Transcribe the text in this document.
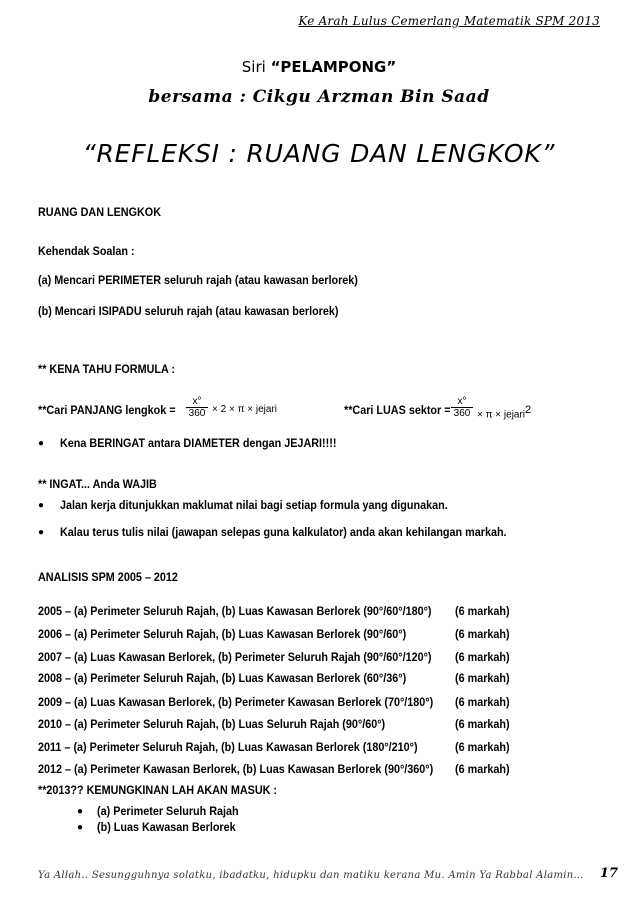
Ke Arah Lulus Cemerlang Matematik SPM 2013
Siri “PELAMPONG”
bersama : Cikgu Arzman Bin Saad
“REFLEKSI : RUANG DAN LENGKOK”
RUANG DAN LENGKOK
Kehendak Soalan :
(a) Mencari PERIMETER seluruh rajah (atau kawasan berlorek)
(b) Mencari ISIPADU seluruh rajah (atau kawasan berlorek)
** KENA TAHU FORMULA :
**Cari PANJANG lengkok = $\frac{x^\circ}{360} \times 2 \times \pi$ × jejari	**Cari LUAS sektor = $\frac{x^\circ}{360} \times \pi$ × jejari$^2$
● Kena BERINGAT antara DIAMETER dengan JEJARI!!!!
** INGAT... Anda WAJIB
● Jalan kerja ditunjukkan maklumat nilai bagi setiap formula yang digunakan.
● Kalau terus tulis nilai (jawapan selepas guna kalkulator) anda akan kehilangan markah.
ANALISIS SPM 2005 – 2012
2005 – (a) Perimeter Seluruh Rajah, (b) Luas Kawasan Berlorek (90°/60°/180°) (6 markah)
2006 – (a) Perimeter Seluruh Rajah, (b) Luas Kawasan Berlorek (90°/60°)	(6 markah)
2007 – (a) Luas Kawasan Berlorek, (b) Perimeter Seluruh Rajah (90°/60°/120°) (6 markah)
2008 – (a) Perimeter Seluruh Rajah, (b) Luas Kawasan Berlorek (60°/36°)	(6 markah)
2009 – (a) Luas Kawasan Berlorek, (b) Perimeter Kawasan Berlorek (70°/180°) (6 markah)
2010 – (a) Perimeter Seluruh Rajah, (b) Luas Seluruh Rajah (90°/60°)	(6 markah)
2011 – (a) Perimeter Seluruh Rajah, (b) Luas Kawasan Berlorek (180°/210°)	(6 markah)
2012 – (a) Perimeter Kawasan Berlorek, (b) Luas Kawasan Berlorek (90°/360°) (6 markah)
**2013?? KEMUNGKINAN LAH AKAN MASUK :
● (a) Perimeter Seluruh Rajah
● (b) Luas Kawasan Berlorek
Ya Allah.. Sesungguhnya solatku, ibadatku, hidupku dan matiku kerana Mu. Amin Ya Rabbal Alamin… 17
